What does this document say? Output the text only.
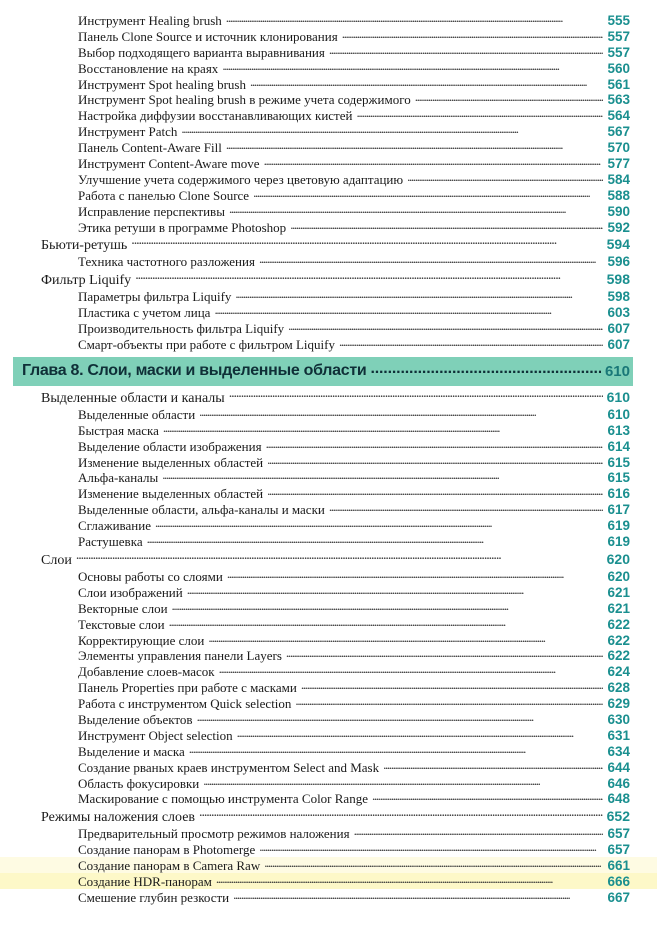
Инструмент Healing brush . . .	555
Панель Clone Source и источник клонирования . . .	557
Выбор подходящего варианта выравнивания . . .	557
Восстановление на краях . . .	560
Инструмент Spot healing brush . . .	561
Инструмент Spot healing brush в режиме учета содержимого . . .	563
Настройка диффузии восстанавливающих кистей . . .	564
Инструмент Patch . . .	567
Панель Content-Aware Fill . . .	570
Инструмент Content-Aware move . . .	577
Улучшение учета содержимого через цветовую адаптацию . . .	584
Работа с панелью Clone Source . . .	588
Исправление перспективы . . .	590
Этика ретуши в программе Photoshop . . .	592
Бьюти-ретушь . . .	594
Техника частотного разложения . . .	596
Фильтр Liquify . . .	598
Параметры фильтра Liquify . . .	598
Пластика с учетом лица . . .	603
Производительность фильтра Liquify . . .	607
Смарт-объекты при работе с фильтром Liquify . . .	607
Глава 8. Слои, маски и выделенные области . . .	610
Выделенные области и каналы . . .	610
Выделенные области . . .	610
Быстрая маска . . .	613
Выделение области изображения . . .	614
Изменение выделенных областей . . .	615
Альфа-каналы . . .	615
Изменение выделенных областей . . .	616
Выделенные области, альфа-каналы и маски . . .	617
Сглаживание . . .	619
Растушевка . . .	619
Слои . . .	620
Основы работы со слоями . . .	620
Слои изображений . . .	621
Векторные слои . . .	621
Текстовые слои . . .	622
Корректирующие слои . . .	622
Элементы управления панели Layers . . .	622
Добавление слоев-масок . . .	624
Панель Properties при работе с масками . . .	628
Работа с инструментом Quick selection . . .	629
Выделение объектов . . .	630
Инструмент Object selection . . .	631
Выделение и маска . . .	634
Создание рваных краев инструментом Select and Mask . . .	644
Область фокусировки . . .	646
Маскирование с помощью инструмента Color Range . . .	648
Режимы наложения слоев . . .	652
Предварительный просмотр режимов наложения . . .	657
Создание панорам в Photomerge . . .	657
Создание панорам в Camera Raw . . .	661
Создание HDR-панорам . . .	666
Смешение глубин резкости . . .	667
